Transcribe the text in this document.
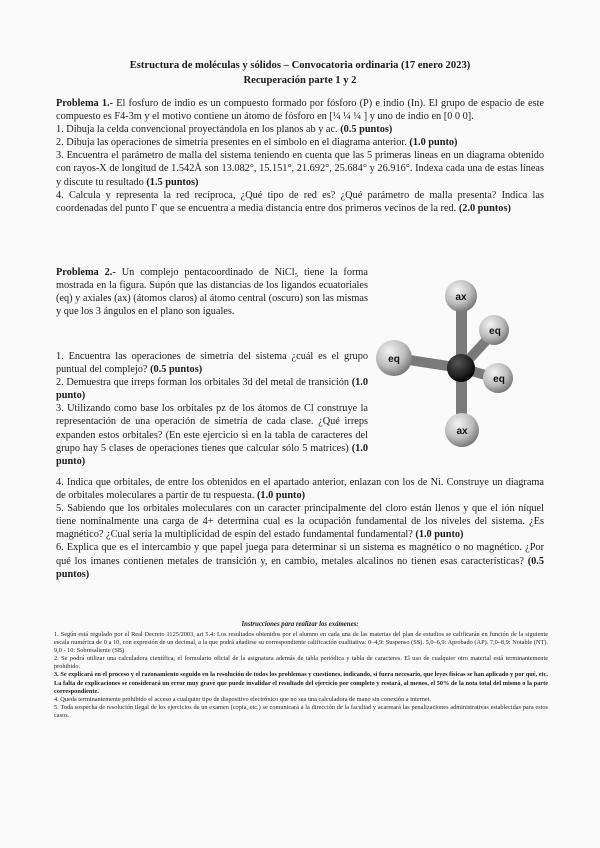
Estructura de moléculas y sólidos – Convocatoria ordinaria (17 enero 2023)
Recuperación parte 1 y 2

Problema 1.- El fosfuro de indio es un compuesto formado por fósforo (P) e indio (In). El grupo de espacio de este compuesto es F4-3m y el motivo contiene un átomo de fósforo en [¼ ¼ ¼ ] y uno de indio en [0 0 0].

1. Dibuja la celda convencional proyectándola en los planos ab y ac. (0.5 puntos)

2. Dibuja las operaciones de simetría presentes en el símbolo en el diagrama anterior. (1.0 punto)

3. Encuentra el parámetro de malla del sistema teniendo en cuenta que las 5 primeras líneas en un diagrama obtenido con rayos-X de longitud de 1.542Å son 13.082°, 15.151°, 21.692°, 25.684° y 26.916°. Indexa cada una de estas líneas y discute tu resultado (1.5 puntos)

4. Calcula y representa la red recíproca, ¿Qué tipo de red es? ¿Qué parámetro de malla presenta? Indica las coordenadas del punto Γ que se encuentra a media distancia entre dos primeros vecinos de la red. (2.0 puntos)

Problema 2.- Un complejo pentacoordinado de NiCl₅ tiene la forma mostrada en la figura. Supón que las distancias de los ligandos ecuatoriales (eq) y axiales (ax) (átomos claros) al átomo central (oscuro) son las mismas y que los 3 ángulos en el plano son iguales.

1. Encuentra las operaciones de simetría del sistema ¿cuál es el grupo puntual del complejo? (0.5 puntos)

2. Demuestra que irreps forman los orbitales 3d del metal de transición (1.0 punto)

3. Utilizando como base los orbitales pz de los átomos de Cl construye la representación de una operación de simetría de cada clase. ¿Qué irreps expanden estos orbitales? (En este ejercicio si en la tabla de caracteres del grupo hay 5 clases de operaciones tienes que calcular sólo 5 matrices) (1.0 punto)

4. Indica que orbitales, de entre los obtenidos en el apartado anterior, enlazan con los de Ni. Construye un diagrama de orbitales moleculares a partir de tu respuesta. (1.0 punto)

5. Sabiendo que los orbitales moleculares con un caracter principalmente del cloro están llenos y que el ión níquel tiene nominalmente una carga de 4+ determina cual es la ocupación fundamental de los niveles del sistema. ¿Es magnético? ¿Cual sería la multiplicidad de espín del estado fundamental fundamental? (1.0 punto)

6. Explica que es el intercambio y que papel juega para determinar si un sistema es magnético o no magnético. ¿Por qué los imanes contienen metales de transición y, en cambio, metales alcalinos no tienen esas características? (0.5 puntos)

ax
eq
eq
eq
ax
Instrucciones para realizar los exámenes:

1. Según está regulado por el Real Decreto 1125/2003, art 5.4: Los resultados obtenidos por el alumno en cada una de las materias del plan de estudios se calificarán en función de la siguiente escala numérica de 0 a 10, con expresión de un decimal, a la que podrá añadirse su correspondiente calificación cualitativa: 0–4,9: Suspenso (SS). 5,0–6,9: Aprobado (AP). 7,0–8,9: Notable (NT). 9,0 - 10: Sobresaliente (SB)

2. Se podrá utilizar una calculadora científica, el formulario oficial de la asignatura además de tabla periódica y tabla de caracteres. El uso de cualquier otro material está terminantemente prohibido.

3. Se explicará en el proceso y el razonamiento seguido en la resolución de todos los problemas y cuestiones, indicando, si fuera necesario, que leyes físicas se han aplicado y por qué, etc. La falta de explicaciones se considerará un error muy grave que puede invalidar el resultado del ejercicio por completo y restará, al menos, el 50% de la nota total del mismo o la parte correspondiente.

4. Queda terminantemente prohibido el acceso a cualquier tipo de dispositivo electrónico que no sea una calculadora de mano sin conexión a internet.

5. Toda sospecha de resolución ilegal de los ejercicios de un examen (copia, etc.) se comunicará a la dirección de la facultad y acarreará las penalizaciones administrativas establecidas para estos casos.
